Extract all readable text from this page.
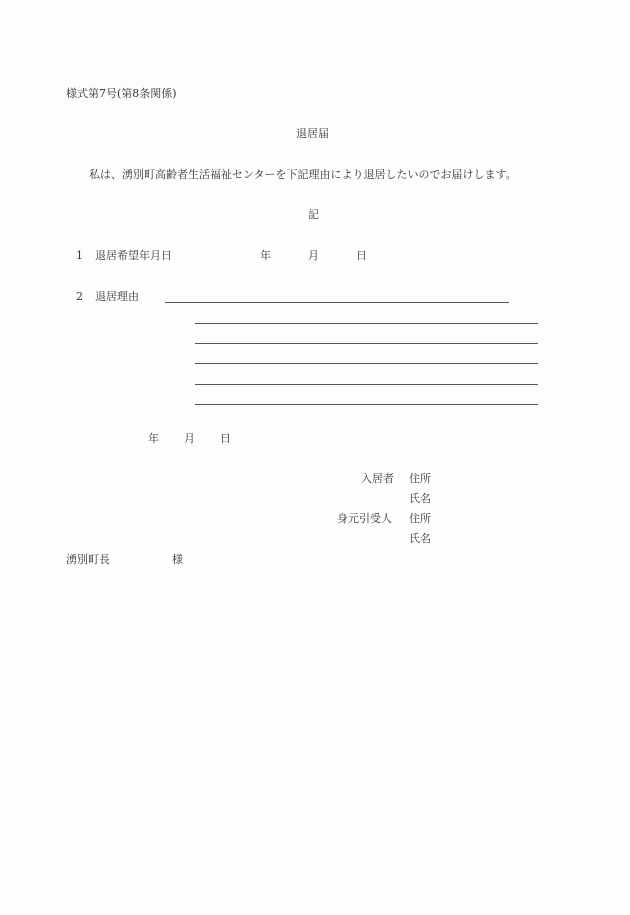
様式第7号(第8条関係)
退居届
私は、湧別町高齢者生活福祉センターを下記理由により退居したいのでお届けします。
記
1 退居希望年月日	年	月	日
2 退居理由
年 月 日
入居者 住所
氏名
身元引受人 住所
氏名
湧別町長	様
